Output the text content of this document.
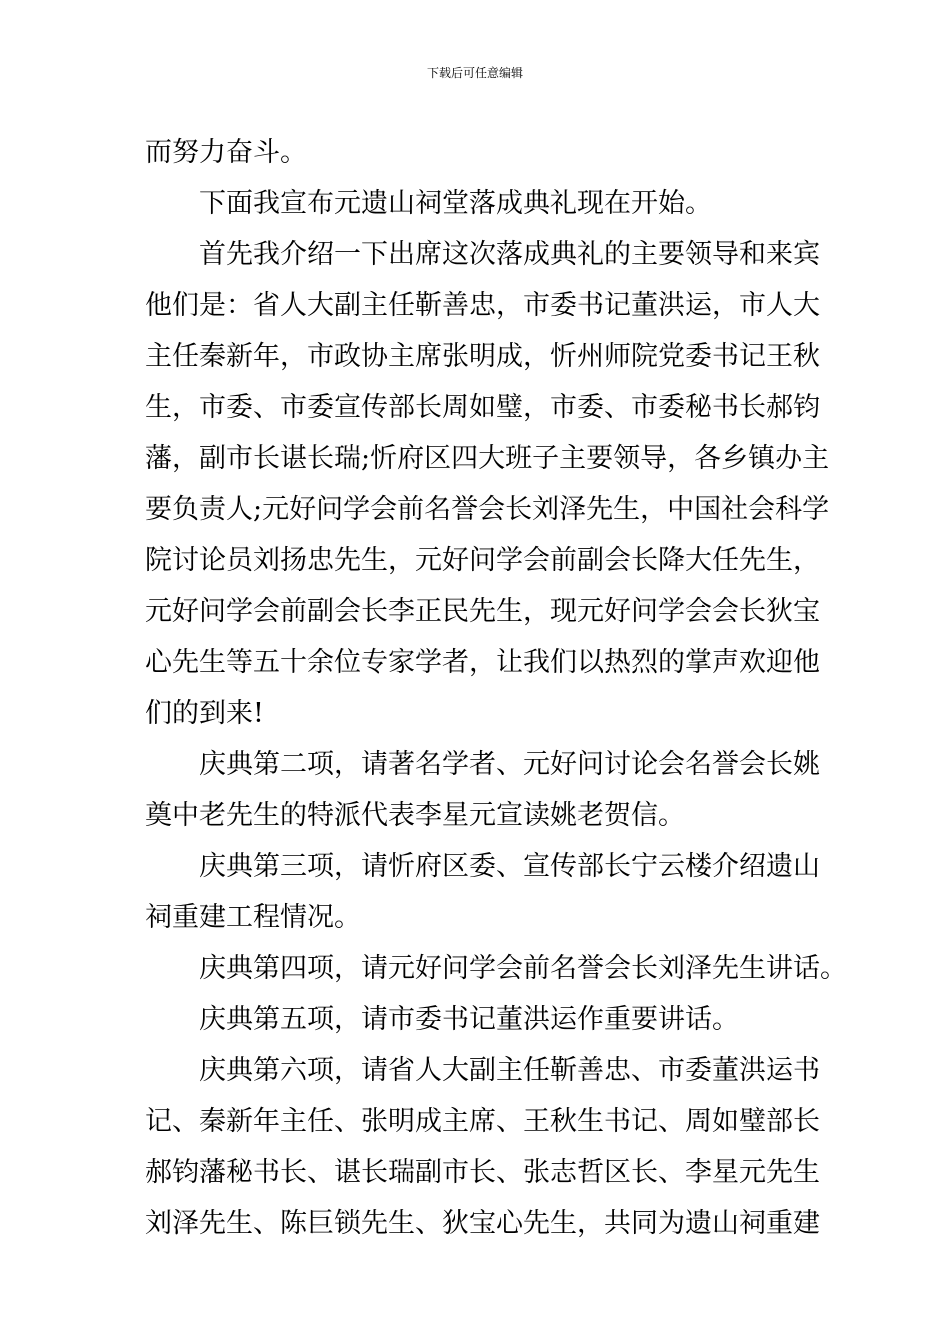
下载后可任意编辑
而努力奋斗。
下面我宣布元遗山祠堂落成典礼现在开始。
首先我介绍一下出席这次落成典礼的主要领导和来宾
他们是：省人大副主任靳善忠，市委书记董洪运，市人大
主任秦新年，市政协主席张明成，忻州师院党委书记王秋
生，市委、市委宣传部长周如璧，市委、市委秘书长郝钧
藩，副市长谌长瑞;忻府区四大班子主要领导，各乡镇办主
要负责人;元好问学会前名誉会长刘泽先生，中国社会科学
院讨论员刘扬忠先生，元好问学会前副会长降大任先生，
元好问学会前副会长李正民先生，现元好问学会会长狄宝
心先生等五十余位专家学者，让我们以热烈的掌声欢迎他
们的到来!
庆典第二项，请著名学者、元好问讨论会名誉会长姚
奠中老先生的特派代表李星元宣读姚老贺信。
庆典第三项，请忻府区委、宣传部长宁云楼介绍遗山
祠重建工程情况。
庆典第四项，请元好问学会前名誉会长刘泽先生讲话。
庆典第五项，请市委书记董洪运作重要讲话。
庆典第六项，请省人大副主任靳善忠、市委董洪运书
记、秦新年主任、张明成主席、王秋生书记、周如璧部长
郝钧藩秘书长、谌长瑞副市长、张志哲区长、李星元先生
刘泽先生、陈巨锁先生、狄宝心先生，共同为遗山祠重建
